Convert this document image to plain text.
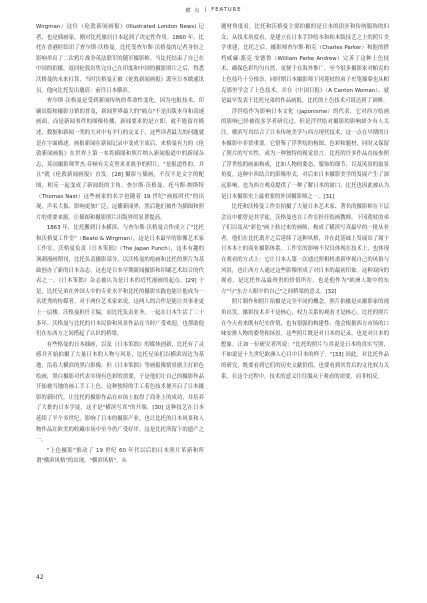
横 点 | FEATURE

Wirgman）这位《伦敦新闻画报》(Illustrated London News) 记者、也是插画家，刚对比托旅居日本起到了决定性作用。1860 年，比托在香港时结识了查尔斯·沃格曼。比托受查尔斯·沃格曼的记者身份之影响举出了二次鸦片战争英法联军的随军摄影师。当比托结束了自己在中国的拍摄，返回伦敦出售完自己在印度和中国的摄影照片之后，得悉沃格曼的未来打算，当时沃格曼正被《伦敦新闻画报》派至日本做通讯员，他向比托发出邀请：前往日本横滨。

查尔斯·沃格曼是受到新闻传统的革命性变化，因为电报技术、印刷出版和摄影分销的普及，新闻世界最大的"痛点"不是出版本身和高速画面，而是新闻事件的图像传播，新闻要求的是立即。就不能留存描述，数据和新闻一类的大对中有平行的交叉于，这些读者最大的问题就是在字面描述。画报新闻在新闻记录中变成主流后，来格曼有力的《伦敦新闻画报》在世界上第一本将插图和照片纳入新闻报道中的新闻杂志，英国摄影师罗杰·芬顿有关克里米亚战争的照片，"是报道性的，并且"就《伦敦新闻画报》直发。[28] 摄影与插画，不仅不是文字的配图，相反一起变成了新闻纸的主角。查尔斯·沃格曼、托马斯·纳斯特（Thomas Nast）这些画家的名字也随着 19 世纪"画报时代"的出现，声名大振、影响更加广泛，远播新闻界，然后他们被作为插图和照片的重要来源，让插图和摄影照片出版界的显著提高。

1863 年，比托搬到日本横滨，与查尔斯·沃格曼合作成立了"比托和沃格曼工作室"（Beato & Wirgman），这是日本最早的影像艺术家工作室。沃格曼负责《日本笨拙》（The Japan Punch），这本有趣的讽刺漫画期刊，比托负责摄影部分，以沃格曼的绘画和比托的照片为基础创办了新的日本杂志，这也是日本早期新闻摄影和印刷艺术结合的代表之一。《日本笨拙》杂志被认为是日本的近代漫画的起点。[29] 于是，比托兄弟在外国人中的专业水平和比托的摄影实践也能让他成为一名优秀的传媒者。对于两位艺术家来说，这两人的合作是能让其事业更上一层楼。沃格曼担任主编，而比托负责业务，一起在日本生活了二十多年。沃格曼与比托的日本民俗和风景作品在当时广受欢迎，也帮助他们在东西方之间搭起了认识的桥梁。

有些格曼的日本插画，以及《日本笨拙》的媒体创新，比托有了灵感并开始拍摄了大量日本的人物与风景，比托兄弟们以横滨周边为基地，沿着大横滨的黑白影像，但《日本笨拙》等画报像情景剧主打彩色绘画，黑白摄影对代表实现有色彩的需要，于是他们让自己的摄影作品开始被当地的画工手工上色，这种独特的手工着色技术便开启了日本摄影的新时代，让比托的摄影作品在市场上取得了商业上的成功，并培养了大批的日本学徒，这才是"横滨写真"的开端。[30] 这种技艺在日本延续了半个多世纪，影响了日本的摄影产业，也让比托的日本风景和人物作品在欧美的收藏市场中至今仍广受好评，这是比托所留下的遗产之一。

"上色摄影"推动了 19 世纪 60 年代以后的日本照片革新和所谓"横滨风格"的出现。"横滨风格"，从

题材角度看，比托和沃格曼主要拍摄的是日本的街区和传统服饰的妇女；从技术角度看，是建立在日本手钞绘本和和木版技艺之上的照片美学重建，比托之后，摄影师查尔斯·帕克（Charles Parker）和他的搭档威廉·派克·安德鲁（William Parke Andrew）完善了这种上色技术，确保色彩均匀自然，更便于在海外推广，至今很多摄影家对帕克的上色技巧十分推崇，同时期日本摄影师下冈莲杖的弟子史笔描摹也从帕克那里学会了上色技术，并在《中国日报》（A Canton Woman）、就是最早发表于比托兄弟的作品画报，比托的上色技术可说达到了顶峰。

浮世绘作为影响日本文化（Japonisme）的代表，它对西方绘画的影响已经被很多学者研究过，但是浮世绘对摄影的影响却少有人关注。横滨写真结合了日本传统美学与西方现代技术，这一点在早期的日本摄影中非常重要。它借鉴了浮世绘的构图、色彩和题材，同时又保留了照片的写实性，成为一种独特的视觉语言。比托的许多作品直接参照了浮世绘的画面构成，比如人物的姿态、服饰的细节，以及风景的取景角度。这种中西结合的影像形式，对后来日本摄影美学的发展产生了深远影响，也为西方观众提供了一种了解日本的窗口。比托也因此被认为是日本摄影史上最重要的外国摄影师之一。[31]

比托和沃格曼工作室拍摄了大量日本艺术家、著名的摄影师在下层会员中都曾是其学徒，沃格曼也在工作室担任绘画教师。下冈莲杖的弟子们以及从"彩色"画上转过来的画师，构成了横滨写真最早的一批从业者。他们在比托离开之后延续了这种风格，并在此基础上发展出了属于日本本土的商业摄影体系。工作室的影响不仅仅体现在技术上，也体现在观看的方式上：它让日本人第一次通过照相机重新审视自己的风俗与风景，也让西方人通过这些影像形成了对日本的最初印象。这种双向的观看，是比托作品最珍贵的价值所在，也是他作为"欧洲人眼中的东方"与"东方人眼中的自己"之间桥梁的意义。[32]

照片制作和照片拍摄是完全不同的概念，照片拍摄是从摄影家的视角出发，摄影技术并不是核心，权力关系的观看才是核心。比托的照片在今天看来既有纪实价值，也有很强的构建性：他会根据西方市场的口味安排人物的姿势和场景，这些照片既是对日本的记录，也是对日本的想象。正如一位研究者所说："比托的照片与其说是日本的真实写照，不如说是十九世纪欧洲人心目中日本的样子。"[33] 因此，对比托作品的研究，既要看到它们的历史文献价值，也要看到其背后的文化权力关系，在这个过程中，技术的意义往往服从于观看的需要，而非相反。

42
